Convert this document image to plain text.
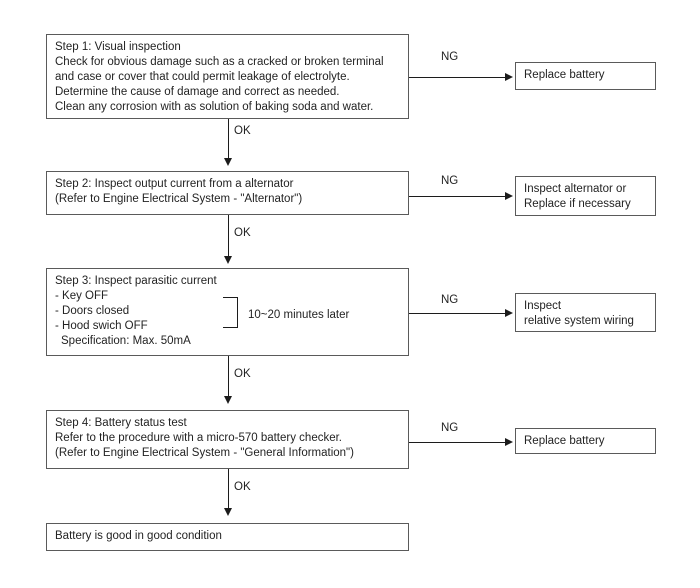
Step 1: Visual inspection
Check for obvious damage such as a cracked or broken terminal
and case or cover that could permit leakage of electrolyte.
Determine the cause of damage and correct as needed.
Clean any corrosion with as solution of baking soda and water.
Step 2: Inspect output current from a alternator
(Refer to Engine Electrical System - "Alternator")
Step 3: Inspect parasitic current
- Key OFF
- Doors closed
- Hood swich OFF
Specification: Max. 50mA
10~20 minutes later
Step 4: Battery status test
Refer to the procedure with a micro-570 battery checker.
(Refer to Engine Electrical System - "General Information")
Battery is good in good condition
Replace battery
Inspect alternator or
Replace if necessary
Inspect
relative system wiring
Replace battery
OK
OK
OK
OK
NG
NG
NG
NG
